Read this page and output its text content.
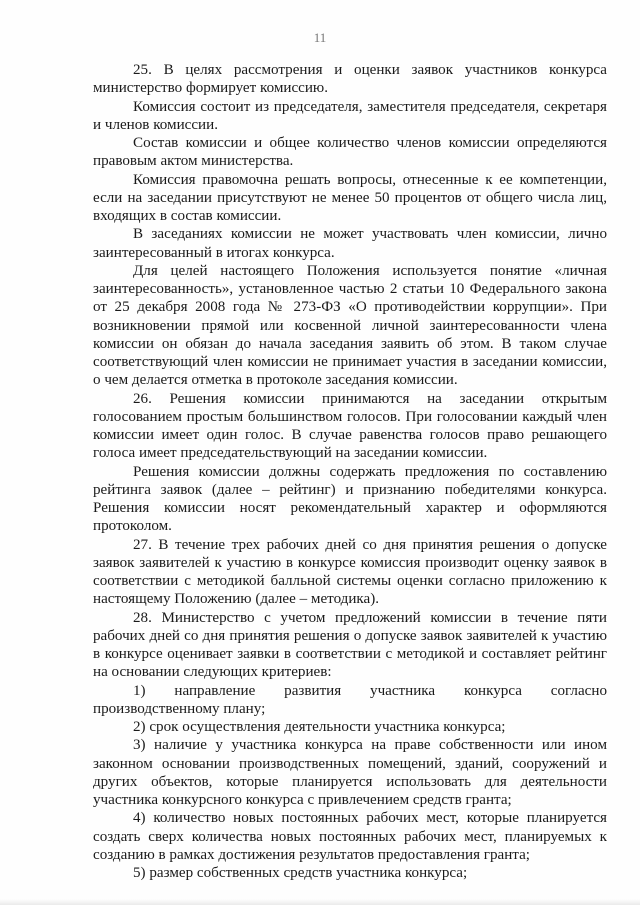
11

25. В целях рассмотрения и оценки заявок участников конкурса министерство формирует комиссию.

Комиссия состоит из председателя, заместителя председателя, секретаря и членов комиссии.

Состав комиссии и общее количество членов комиссии определяются правовым актом министерства.

Комиссия правомочна решать вопросы, отнесенные к ее компетенции, если на заседании присутствуют не менее 50 процентов от общего числа лиц, входящих в состав комиссии.

В заседаниях комиссии не может участвовать член комиссии, лично заинтересованный в итогах конкурса.

Для целей настоящего Положения используется понятие «личная заинтересованность», установленное частью 2 статьи 10 Федерального закона от 25 декабря 2008 года № 273-ФЗ «О противодействии коррупции». При возникновении прямой или косвенной личной заинтересованности члена комиссии он обязан до начала заседания заявить об этом. В таком случае соответствующий член комиссии не принимает участия в заседании комиссии, о чем делается отметка в протоколе заседания комиссии.

26. Решения комиссии принимаются на заседании открытым голосованием простым большинством голосов. При голосовании каждый член комиссии имеет один голос. В случае равенства голосов право решающего голоса имеет председательствующий на заседании комиссии.

Решения комиссии должны содержать предложения по составлению рейтинга заявок (далее – рейтинг) и признанию победителями конкурса. Решения комиссии носят рекомендательный характер и оформляются протоколом.

27. В течение трех рабочих дней со дня принятия решения о допуске заявок заявителей к участию в конкурсе комиссия производит оценку заявок в соответствии с методикой балльной системы оценки согласно приложению к настоящему Положению (далее – методика).

28. Министерство с учетом предложений комиссии в течение пяти рабочих дней со дня принятия решения о допуске заявок заявителей к участию в конкурсе оценивает заявки в соответствии с методикой и составляет рейтинг на основании следующих критериев:

1) направление развития участника конкурса согласно производственному плану;

2) срок осуществления деятельности участника конкурса;

3) наличие у участника конкурса на праве собственности или ином законном основании производственных помещений, зданий, сооружений и других объектов, которые планируется использовать для деятельности участника конкурсного конкурса с привлечением средств гранта;

4) количество новых постоянных рабочих мест, которые планируется создать сверх количества новых постоянных рабочих мест, планируемых к созданию в рамках достижения результатов предоставления гранта;

5) размер собственных средств участника конкурса;
